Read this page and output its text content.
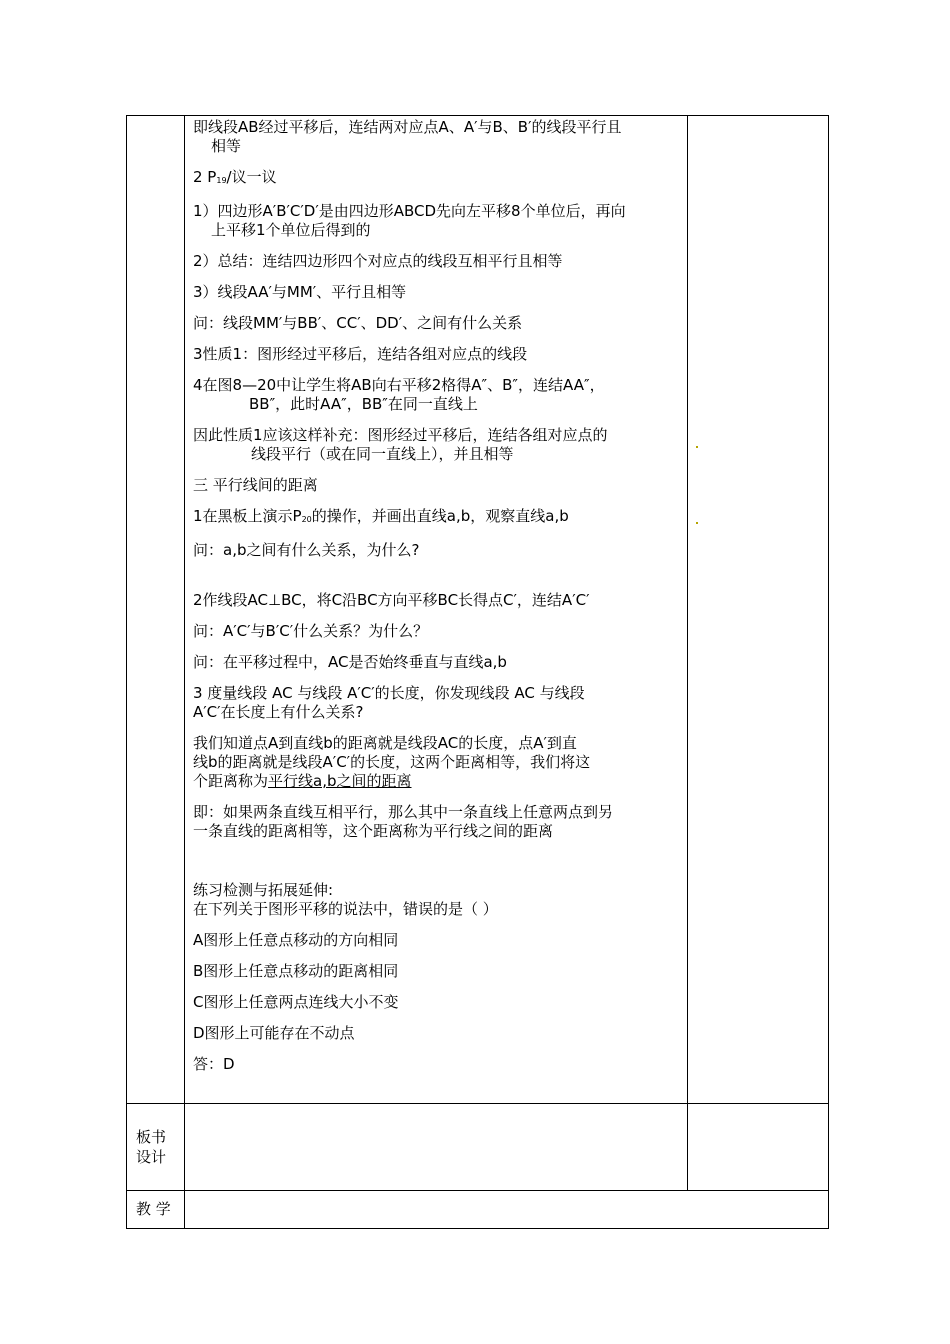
即线段AB经过平移后，连结两对应点A、A′与B、B′的线段平行且
相等
2 $P_{19}/$议一议
1）四边形A′B′C′D′是由四边形ABCD先向左平移8个单位后，再向
上平移1个单位后得到的
2）总结：连结四边形四个对应点的线段互相平行且相等
3）线段AA′与MM′、平行且相等
问：线段MM′与BB′、CC′、DD′、之间有什么关系
3性质1：图形经过平移后，连结各组对应点的线段
4在图8—20中让学生将AB向右平移2格得A″、B″，连结AA″，
BB″，此时AA″，BB″在同一直线上
因此性质1应该这样补充：图形经过平移后，连结各组对应点的
线段平行（或在同一直线上），并且相等
三 平行线间的距离
1在黑板上演示$P_{20}$的操作，并画出直线a,b，观察直线a,b
问：a,b之间有什么关系，为什么?
2作线段AC⊥BC，将C沿BC方向平移BC长得点C′，连结A′C′
问：A′C′与B′C′什么关系？为什么？
问：在平移过程中，AC是否始终垂直与直线a,b
3 度量线段 AC 与线段 A′C′的长度，你发现线段 AC 与线段
A′C′在长度上有什么关系?
我们知道点A到直线b的距离就是线段AC的长度，点A′到直
线b的距离就是线段A′C′的长度，这两个距离相等，我们将这
个距离称为平行线a,b之间的距离
即：如果两条直线互相平行，那么其中一条直线上任意两点到另
一条直线的距离相等，这个距离称为平行线之间的距离
练习检测与拓展延伸:
在下列关于图形平移的说法中，错误的是（ ）
A图形上任意点移动的方向相同
B图形上任意点移动的距离相同
C图形上任意两点连线大小不变
D图形上可能存在不动点
答：D
板书
设计
教 学
